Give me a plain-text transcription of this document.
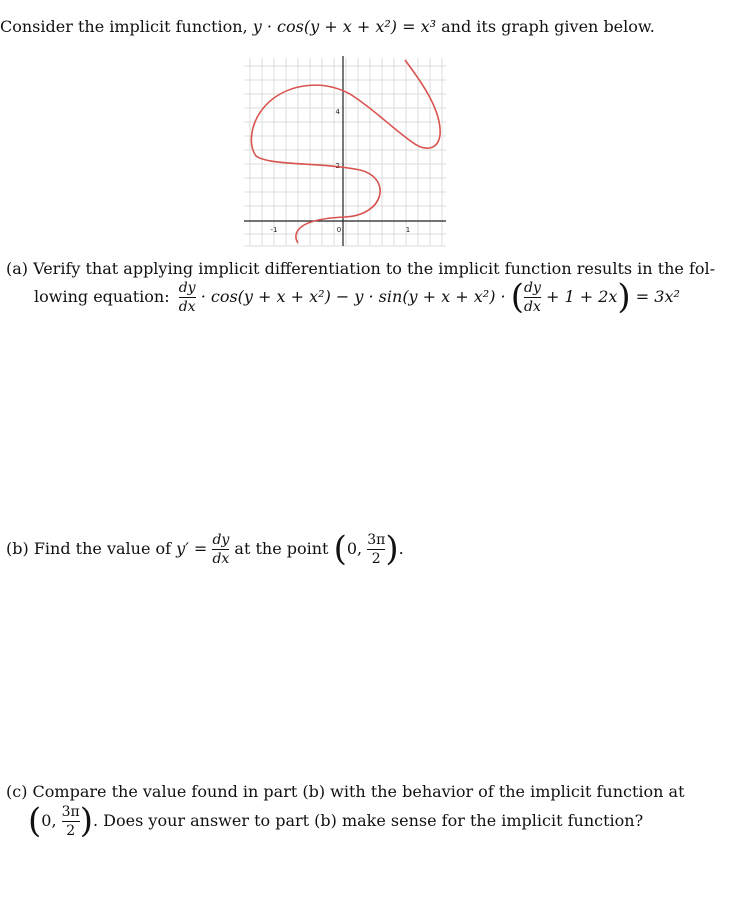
Consider the implicit function, y · cos(y + x + x²) = x³ and its graph given below.
-1	0	1
2
4
(a) Verify that applying implicit differentiation to the implicit function results in the fol-
lowing equation: $\frac{dy}{dx} \cdot \cos(y + x + x^2) - y \cdot \sin(y + x + x^2)$ · ( $\frac{dy}{dx} + 1 + 2x) = 3x^2$
(b) Find the value of $y' = \frac{dy}{dx}$ at the point (0, $\frac{3\pi}{2}$ ).
(c) Compare the value found in part (b) with the behavior of the implicit function at
(0, $\frac{3\pi}{2}$ ). Does your answer to part (b) make sense for the implicit function?
